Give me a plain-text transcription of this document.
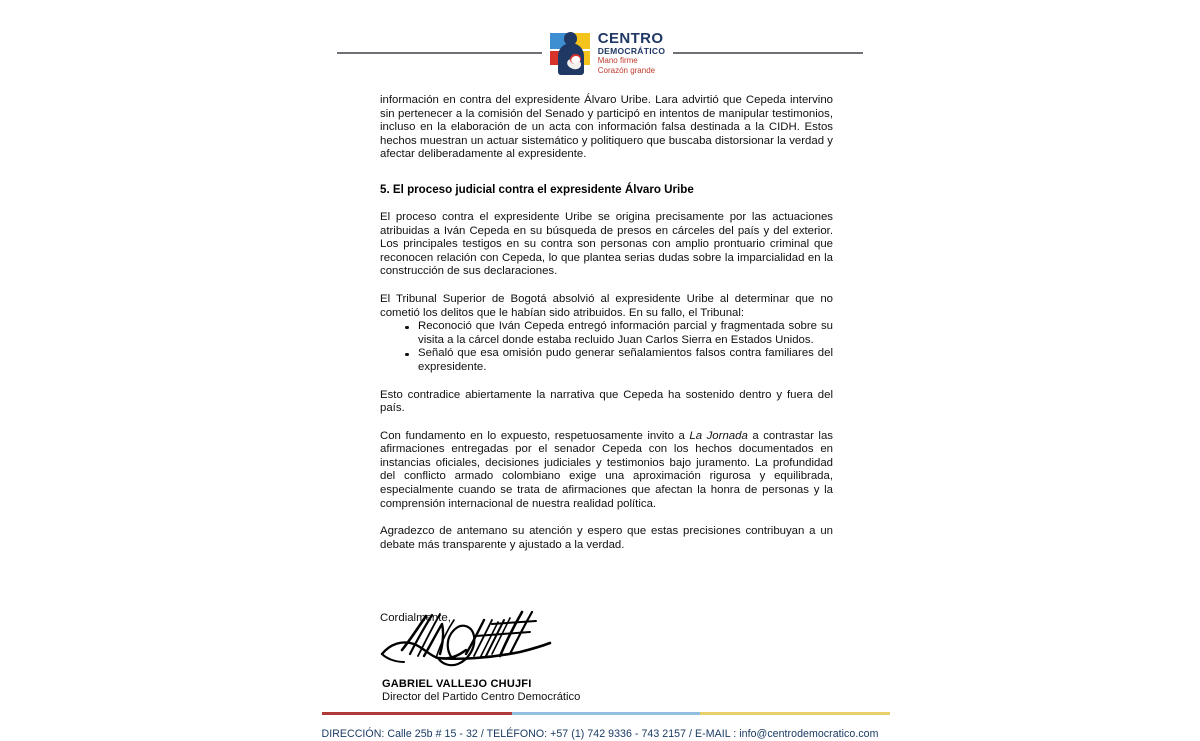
CENTRO
DEMOCRÁTICO
Mano firme
Corazón grande

información en contra del expresidente Álvaro Uribe. Lara advirtió que Cepeda intervino sin pertenecer a la comisión del Senado y participó en intentos de manipular testimonios, incluso en la elaboración de un acta con información falsa destinada a la CIDH. Estos hechos muestran un actuar sistemático y politiquero que buscaba distorsionar la verdad y afectar deliberadamente al expresidente.

5. El proceso judicial contra el expresidente Álvaro Uribe

El proceso contra el expresidente Uribe se origina precisamente por las actuaciones atribuidas a Iván Cepeda en su búsqueda de presos en cárceles del país y del exterior. Los principales testigos en su contra son personas con amplio prontuario criminal que reconocen relación con Cepeda, lo que plantea serias dudas sobre la imparcialidad en la construcción de sus declaraciones.

El Tribunal Superior de Bogotá absolvió al expresidente Uribe al determinar que no cometió los delitos que le habían sido atribuidos. En su fallo, el Tribunal:

Reconoció que Iván Cepeda entregó información parcial y fragmentada sobre su visita a la cárcel donde estaba recluido Juan Carlos Sierra en Estados Unidos.
Señaló que esa omisión pudo generar señalamientos falsos contra familiares del expresidente.

Esto contradice abiertamente la narrativa que Cepeda ha sostenido dentro y fuera del país.

Con fundamento en lo expuesto, respetuosamente invito a La Jornada a contrastar las afirmaciones entregadas por el senador Cepeda con los hechos documentados en instancias oficiales, decisiones judiciales y testimonios bajo juramento. La profundidad del conflicto armado colombiano exige una aproximación rigurosa y equilibrada, especialmente cuando se trata de afirmaciones que afectan la honra de personas y la comprensión internacional de nuestra realidad política.

Agradezco de antemano su atención y espero que estas precisiones contribuyan a un debate más transparente y ajustado a la verdad.

Cordialmente,
GABRIEL VALLEJO CHUJFI
Director del Partido Centro Democrático
DIRECCIÓN: Calle 25b # 15 - 32 / TELÉFONO: +57 (1) 742 9336 - 743 2157 / E-MAIL : info@centrodemocratico.com
